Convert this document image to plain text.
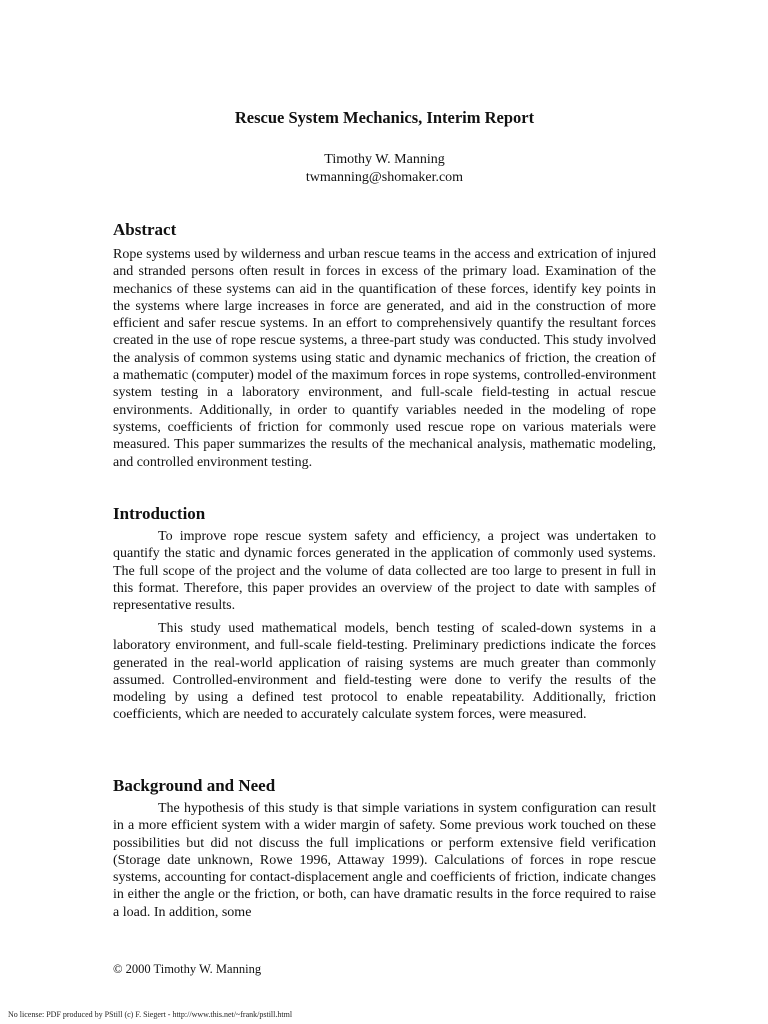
Rescue System Mechanics, Interim Report
Timothy W. Manning
twmanning@shomaker.com
Abstract

Rope systems used by wilderness and urban rescue teams in the access and extrication of injured and stranded persons often result in forces in excess of the primary load. Examination of the mechanics of these systems can aid in the quantification of these forces, identify key points in the systems where large increases in force are generated, and aid in the construction of more efficient and safer rescue systems. In an effort to comprehensively quantify the resultant forces created in the use of rope rescue systems, a three-part study was conducted. This study involved the analysis of common systems using static and dynamic mechanics of friction, the creation of a mathematic (computer) model of the maximum forces in rope systems, controlled-environment system testing in a laboratory environment, and full-scale field-testing in actual rescue environments. Additionally, in order to quantify variables needed in the modeling of rope systems, coefficients of friction for commonly used rescue rope on various materials were measured. This paper summarizes the results of the mechanical analysis, mathematic modeling, and controlled environment testing.

Introduction

To improve rope rescue system safety and efficiency, a project was undertaken to quantify the static and dynamic forces generated in the application of commonly used systems. The full scope of the project and the volume of data collected are too large to present in full in this format. Therefore, this paper provides an overview of the project to date with samples of representative results.

This study used mathematical models, bench testing of scaled-down systems in a laboratory environment, and full-scale field-testing. Preliminary predictions indicate the forces generated in the real-world application of raising systems are much greater than commonly assumed. Controlled-environment and field-testing were done to verify the results of the modeling by using a defined test protocol to enable repeatability. Additionally, friction coefficients, which are needed to accurately calculate system forces, were measured.

Background and Need

The hypothesis of this study is that simple variations in system configuration can result in a more efficient system with a wider margin of safety. Some previous work touched on these possibilities but did not discuss the full implications or perform extensive field verification (Storage date unknown, Rowe 1996, Attaway 1999). Calculations of forces in rope rescue systems, accounting for contact-displacement angle and coefficients of friction, indicate changes in either the angle or the friction, or both, can have dramatic results in the force required to raise a load. In addition, some

© 2000 Timothy W. Manning
No license: PDF produced by PStill (c) F. Siegert - http://www.this.net/~frank/pstill.html
